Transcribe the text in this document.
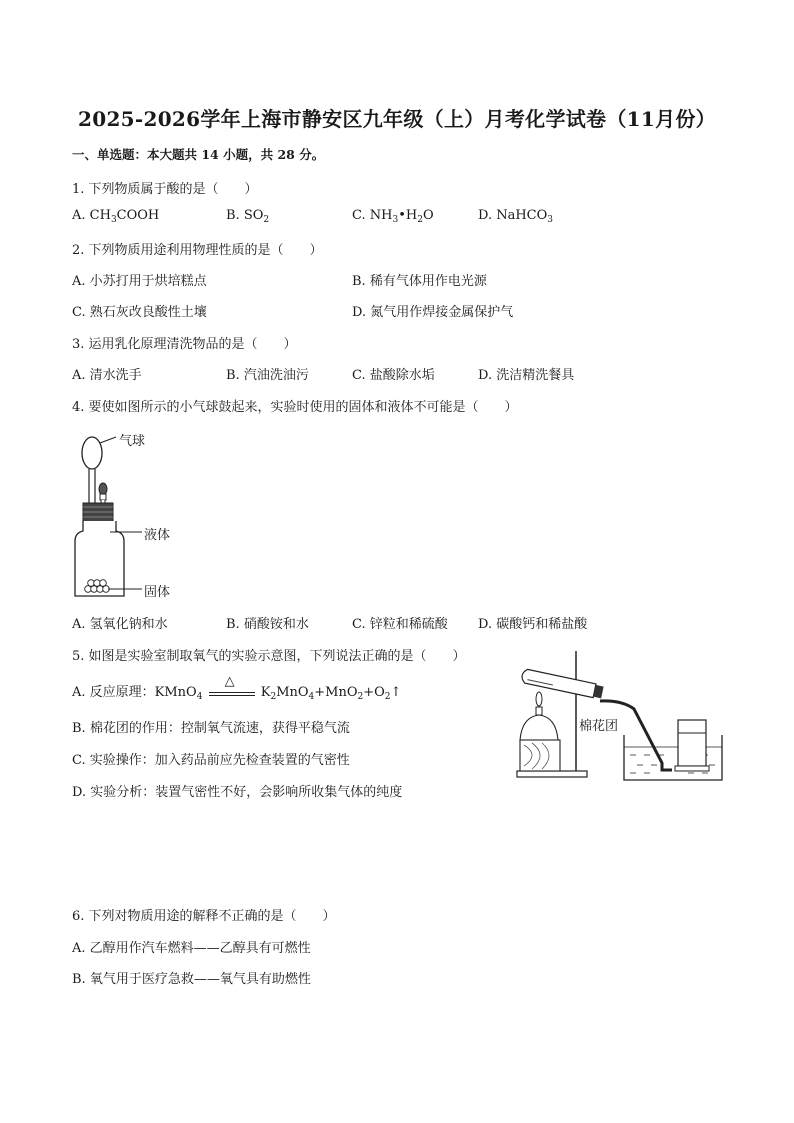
2025-2026学年上海市静安区九年级（上）月考化学试卷（11月份）
一、单选题：本大题共 14 小题，共 28 分。
1. 下列物质属于酸的是（　　）
A. $CH_3COOH$	B. $SO_2$	C. $NH_3•H_2O$	D. NaHCO$_3$
2. 下列物质用途利用物理性质的是（　　）
A. 小苏打用于烘培糕点	B. 稀有气体用作电光源
C. 熟石灰改良酸性土壤	D. 氮气用作焊接金属保护气
3. 运用乳化原理清洗物品的是（　　）
A. 清水洗手	B. 汽油洗油污	C. 盐酸除水垢	D. 洗洁精洗餐具
4. 要使如图所示的小气球鼓起来，实验时使用的固体和液体不可能是（　　）
气球
液体
固体
A. 氢氧化钠和水	B. 硝酸铵和水	C. 锌粒和稀硫酸 D. 碳酸钙和稀盐酸
5. 如图是实验室制取氧气的实验示意图，下列说法正确的是（　　）
A. 反应原理：KMnO$_4$
△
$K_2MnO_4+MnO_2+O_2↑$
B. 棉花团的作用：控制氧气流速，获得平稳气流
C. 实验操作：加入药品前应先检查装置的气密性
D. 实验分析：装置气密性不好，会影响所收集气体的纯度
棉花团
6. 下列对物质用途的解释不正确的是（　　）
A. 乙醇用作汽车燃料——乙醇具有可燃性
B. 氧气用于医疗急救——氧气具有助燃性
